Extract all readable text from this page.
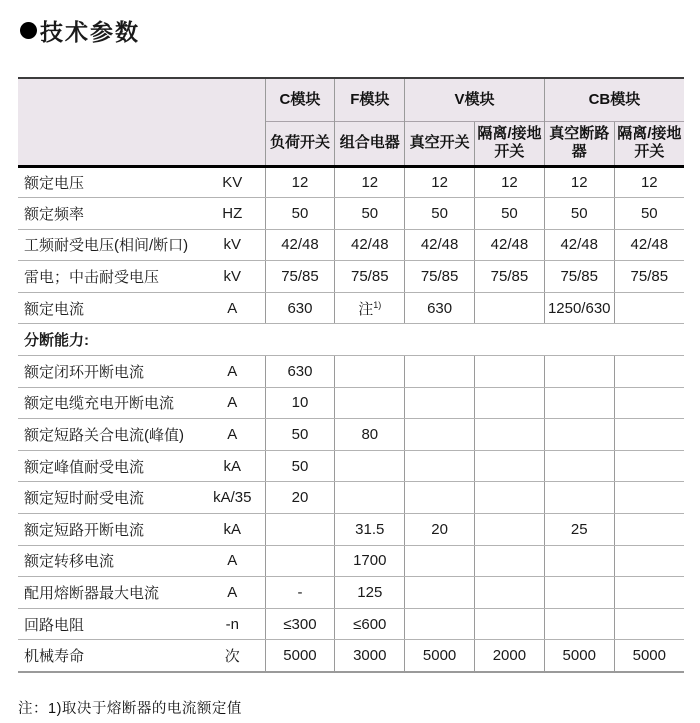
技术参数
		C模块	F模块	V模块		CB模块	
		负荷开关	组合电器	真空开关	隔离/接地开关	真空断路器	隔离/接地开关
额定电压	KV	12	12	12	12	12	12
额定频率	HZ	50	50	50	50	50	50
工频耐受电压(相间/断口)	kV	42/48	42/48	42/48	42/48	42/48	42/48
雷电；中击耐受电压	kV	75/85	75/85	75/85	75/85	75/85	75/85
额定电流	A	630	注$^{1)}$	630		1250/630	
分断能力:							
额定闭环开断电流	A	630					
额定电缆充电开断电流	A	10					
额定短路关合电流(峰值)	A	50	80				
额定峰值耐受电流	kA	50					
额定短时耐受电流	kA/35	20					
额定短路开断电流	kA		31.5	20		25	
额定转移电流	A		1700				
配用熔断器最大电流	A	-	125				
回路电阻	-n	≤300	≤600				
机械寿命	次	5000	3000	5000	2000	5000	5000
注：1)取决于熔断器的电流额定值
